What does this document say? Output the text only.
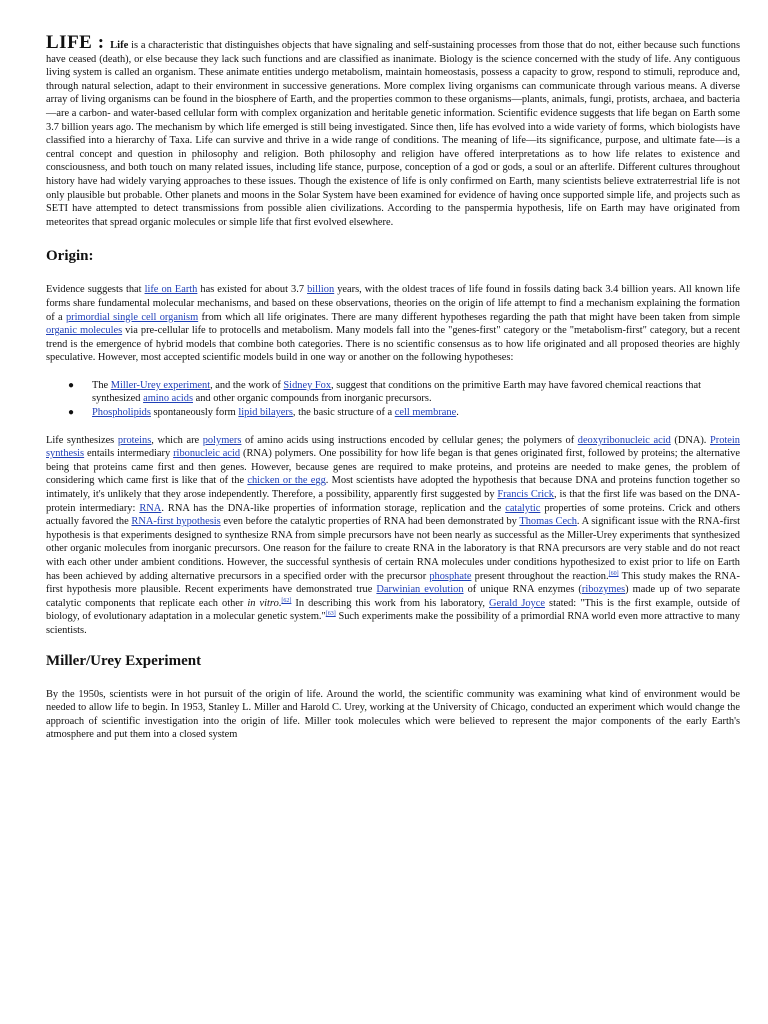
LIFE : Life is a characteristic that distinguishes objects that have signaling and self-sustaining processes from those that do not, either because such functions have ceased (death), or else because they lack such functions and are classified as inanimate. Biology is the science concerned with the study of life. Any contiguous living system is called an organism. These animate entities undergo metabolism, maintain homeostasis, possess a capacity to grow, respond to stimuli, reproduce and, through natural selection, adapt to their environment in successive generations. More complex living organisms can communicate through various means. A diverse array of living organisms can be found in the biosphere of Earth, and the properties common to these organisms—plants, animals, fungi, protists, archaea, and bacteria—are a carbon- and water-based cellular form with complex organization and heritable genetic information. Scientific evidence suggests that life began on Earth some 3.7 billion years ago. The mechanism by which life emerged is still being investigated. Since then, life has evolved into a wide variety of forms, which biologists have classified into a hierarchy of Taxa. Life can survive and thrive in a wide range of conditions. The meaning of life—its significance, purpose, and ultimate fate—is a central concept and question in philosophy and religion. Both philosophy and religion have offered interpretations as to how life relates to existence and consciousness, and both touch on many related issues, including life stance, purpose, conception of a god or gods, a soul or an afterlife. Different cultures throughout history have had widely varying approaches to these issues. Though the existence of life is only confirmed on Earth, many scientists believe extraterrestrial life is not only plausible but probable. Other planets and moons in the Solar System have been examined for evidence of having once supported simple life, and projects such as SETI have attempted to detect transmissions from possible alien civilizations. According to the panspermia hypothesis, life on Earth may have originated from meteorites that spread organic molecules or simple life that first evolved elsewhere.

Origin:

Evidence suggests that life on Earth has existed for about 3.7 billion years, with the oldest traces of life found in fossils dating back 3.4 billion years. All known life forms share fundamental molecular mechanisms, and based on these observations, theories on the origin of life attempt to find a mechanism explaining the formation of a primordial single cell organism from which all life originates. There are many different hypotheses regarding the path that might have been taken from simple organic molecules via pre-cellular life to protocells and metabolism. Many models fall into the "genes-first" category or the "metabolism-first" category, but a recent trend is the emergence of hybrid models that combine both categories. There is no scientific consensus as to how life originated and all proposed theories are highly speculative. However, most accepted scientific models build in one way or another on the following hypotheses:

● The Miller-Urey experiment, and the work of Sidney Fox, suggest that conditions on the primitive Earth may have favored chemical reactions that synthesized amino acids and other organic compounds from inorganic precursors.
● Phospholipids spontaneously form lipid bilayers, the basic structure of a cell membrane.

Life synthesizes proteins, which are polymers of amino acids using instructions encoded by cellular genes; the polymers of deoxyribonucleic acid (DNA). Protein synthesis entails intermediary ribonucleic acid (RNA) polymers. One possibility for how life began is that genes originated first, followed by proteins; the alternative being that proteins came first and then genes. However, because genes are required to make proteins, and proteins are needed to make genes, the problem of considering which came first is like that of the chicken or the egg. Most scientists have adopted the hypothesis that because DNA and proteins function together so intimately, it's unlikely that they arose independently. Therefore, a possibility, apparently first suggested by Francis Crick, is that the first life was based on the DNA-protein intermediary: RNA. RNA has the DNA-like properties of information storage, replication and the catalytic properties of some proteins. Crick and others actually favored the RNA-first hypothesis even before the catalytic properties of RNA had been demonstrated by Thomas Cech. A significant issue with the RNA-first hypothesis is that experiments designed to synthesize RNA from simple precursors have not been nearly as successful as the Miller-Urey experiments that synthesized other organic molecules from inorganic precursors. One reason for the failure to create RNA in the laboratory is that RNA precursors are very stable and do not react with each other under ambient conditions. However, the successful synthesis of certain RNA molecules under conditions hypothesized to exist prior to life on Earth has been achieved by adding alternative precursors in a specified order with the precursor phosphate present throughout the reaction.[60] This study makes the RNA-first hypothesis more plausible. Recent experiments have demonstrated true Darwinian evolution of unique RNA enzymes (ribozymes) made up of two separate catalytic components that replicate each other in vitro.[62] In describing this work from his laboratory, Gerald Joyce stated: "This is the first example, outside of biology, of evolutionary adaptation in a molecular genetic system."[63] Such experiments make the possibility of a primordial RNA world even more attractive to many scientists.

Miller/Urey Experiment

By the 1950s, scientists were in hot pursuit of the origin of life. Around the world, the scientific community was examining what kind of environment would be needed to allow life to begin. In 1953, Stanley L. Miller and Harold C. Urey, working at the University of Chicago, conducted an experiment which would change the approach of scientific investigation into the origin of life. Miller took molecules which were believed to represent the major components of the early Earth's atmosphere and put them into a closed system
